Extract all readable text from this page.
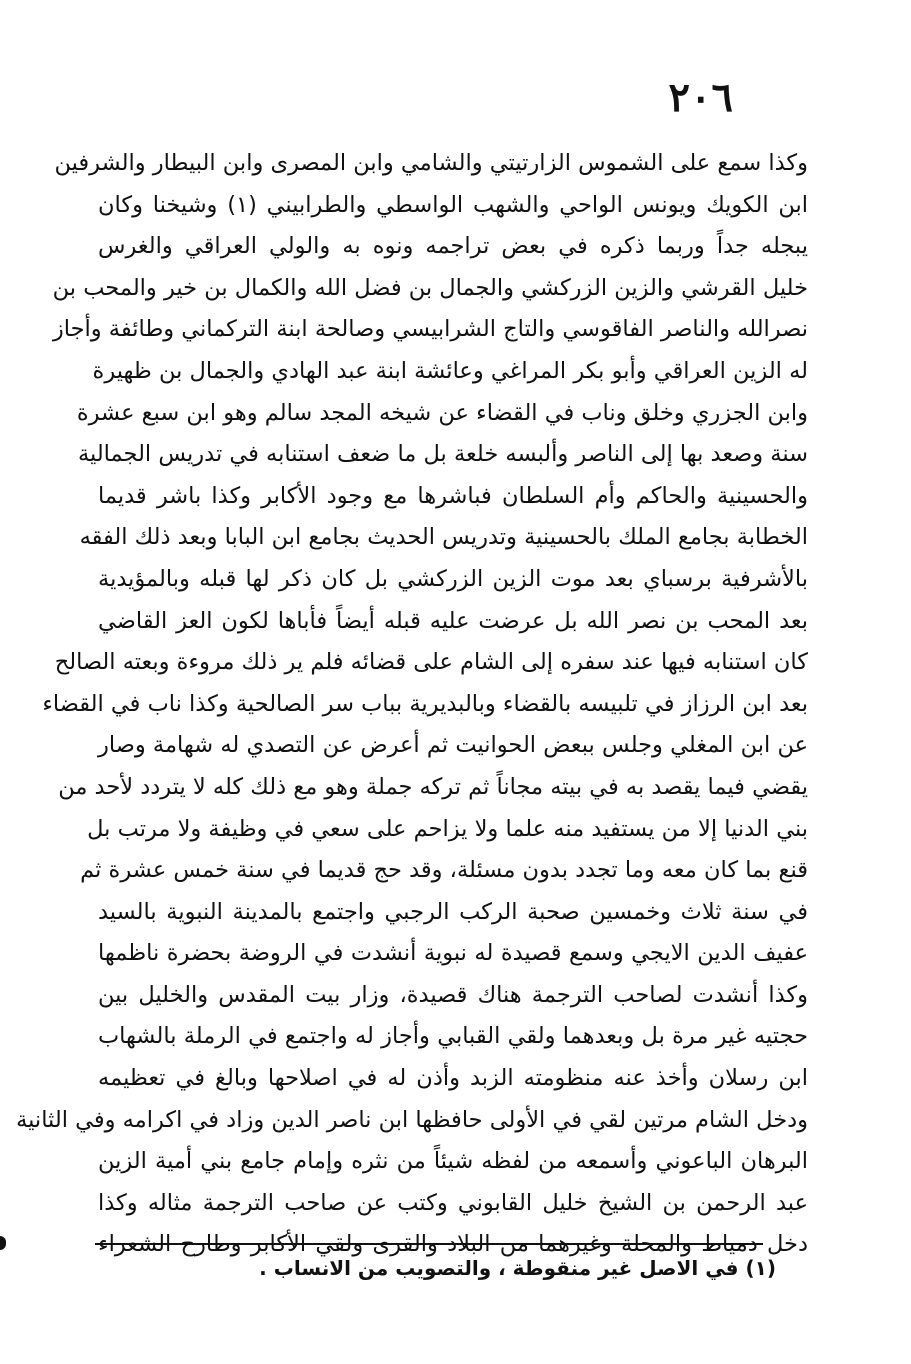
٢٠٦
وكذا سمع على الشموس الزارتيتي والشامي وابن المصرى وابن البيطار والشرفين
ابن الكويك ويونس الواحي والشهب الواسطي والطرابيني (١) وشيخنا وكان
يبجله جداً وربما ذكره في بعض تراجمه ونوه به والولي العراقي والغرس
خليل القرشي والزين الزركشي والجمال بن فضل الله والكمال بن خير والمحب بن
نصرالله والناصر الفاقوسي والتاج الشرابيسي وصالحة ابنة التركماني وطائفة وأجاز
له الزين العراقي وأبو بكر المراغي وعائشة ابنة عبد الهادي والجمال بن ظهيرة
وابن الجزري وخلق وناب في القضاء عن شيخه المجد سالم وهو ابن سبع عشرة
سنة وصعد بها إلى الناصر وألبسه خلعة بل ما ضعف استنابه في تدريس الجمالية
والحسينية والحاكم وأم السلطان فباشرها مع وجود الأكابر وكذا باشر قديما
الخطابة بجامع الملك بالحسينية وتدريس الحديث بجامع ابن البابا وبعد ذلك الفقه
بالأشرفية برسباي بعد موت الزين الزركشي بل كان ذكر لها قبله وبالمؤيدية
بعد المحب بن نصر الله بل عرضت عليه قبله أيضاً فأباها لكون العز القاضي
كان استنابه فيها عند سفره إلى الشام على قضائه فلم ير ذلك مروءة وبعته الصالح
بعد ابن الرزاز في تلبيسه بالقضاء وبالبديرية بباب سر الصالحية وكذا ناب في القضاء
عن ابن المغلي وجلس ببعض الحوانيت ثم أعرض عن التصدي له شهامة وصار
يقضي فيما يقصد به في بيته مجاناً ثم تركه جملة وهو مع ذلك كله لا يتردد لأحد من
بني الدنيا إلا من يستفيد منه علما ولا يزاحم على سعي في وظيفة ولا مرتب بل
قنع بما كان معه وما تجدد بدون مسئلة، وقد حج قديما في سنة خمس عشرة ثم
في سنة ثلاث وخمسين صحبة الركب الرجبي واجتمع بالمدينة النبوية بالسيد
عفيف الدين الايجي وسمع قصيدة له نبوية أنشدت في الروضة بحضرة ناظمها
وكذا أنشدت لصاحب الترجمة هناك قصيدة، وزار بيت المقدس والخليل بين
حجتيه غير مرة بل وبعدهما ولقي القبابي وأجاز له واجتمع في الرملة بالشهاب
ابن رسلان وأخذ عنه منظومته الزبد وأذن له في اصلاحها وبالغ في تعظيمه
ودخل الشام مرتين لقي في الأولى حافظها ابن ناصر الدين وزاد في اكرامه وفي الثانية
البرهان الباعوني وأسمعه من لفظه شيئاً من نثره وإمام جامع بني أمية الزين
عبد الرحمن بن الشيخ خليل القابوني وكتب عن صاحب الترجمة مثاله وكذا
دخل دمياط والمحلة وغيرهما من البلاد والقرى ولقي الأكابر وطارح الشعراء
(١) في الاصل غير منقوطة ، والتصويب من الانساب .
